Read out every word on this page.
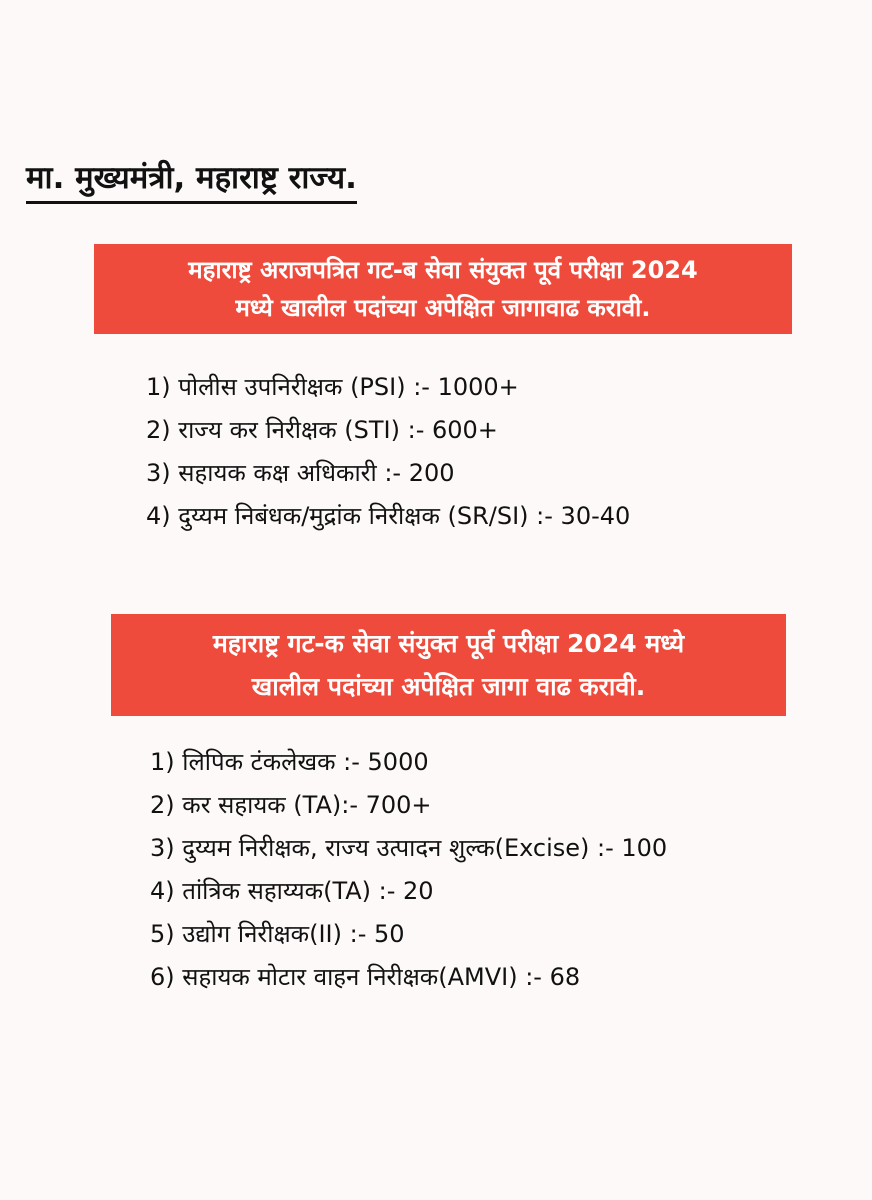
मा. मुख्यमंत्री, महाराष्ट्र राज्य.
महाराष्ट्र अराजपत्रित गट-ब सेवा संयुक्त पूर्व परीक्षा 2024
मध्ये खालील पदांच्या अपेक्षित जागावाढ करावी.
1) पोलीस उपनिरीक्षक (PSI) :- 1000+
2) राज्य कर निरीक्षक (STI) :- 600+
3) सहायक कक्ष अधिकारी :- 200
4) दुय्यम निबंधक/मुद्रांक निरीक्षक (SR/SI) :- 30-40
महाराष्ट्र गट-क सेवा संयुक्त पूर्व परीक्षा 2024 मध्ये
खालील पदांच्या अपेक्षित जागा वाढ करावी.
1) लिपिक टंकलेखक :- 5000
2) कर सहायक (TA):- 700+
3) दुय्यम निरीक्षक, राज्य उत्पादन शुल्क(Excise) :- 100
4) तांत्रिक सहाय्यक(TA) :- 20
5) उद्योग निरीक्षक(II) :- 50
6) सहायक मोटार वाहन निरीक्षक(AMVI) :- 68
